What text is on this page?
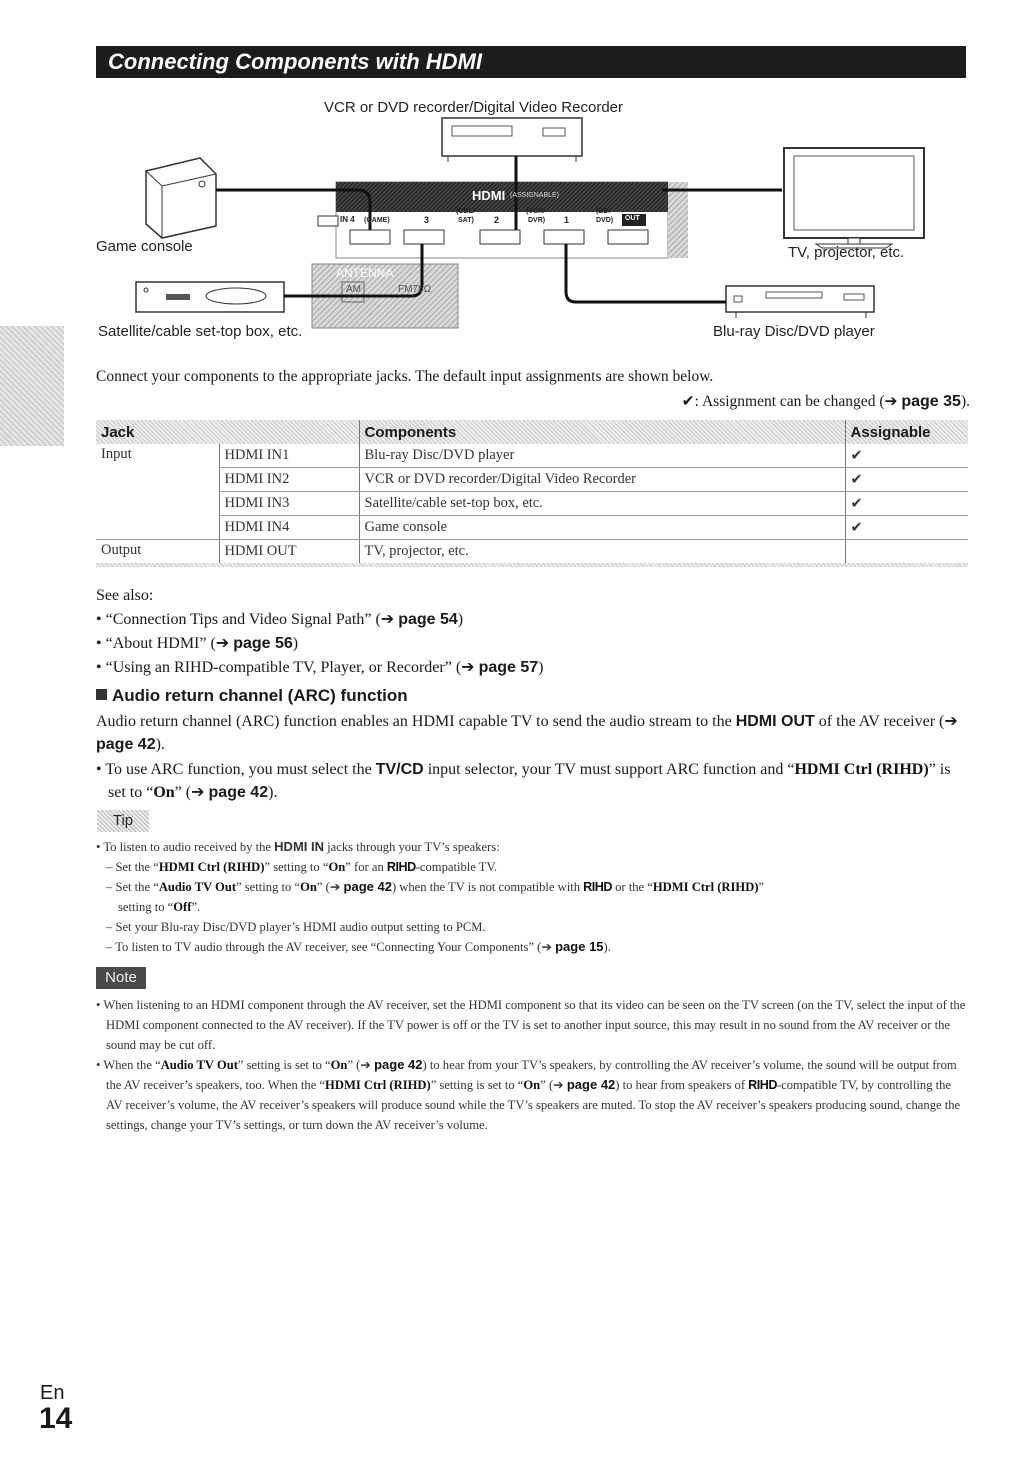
Connecting Components with HDMI
VCR or DVD recorder/Digital Video Recorder
Game console	TV, projector, etc.
Satellite/cable set-top box, etc.	Blu-ray Disc/DVD player
HDMI (ASSIGNABLE)
IN 4 (GAME)	3
(CBL/
SAT) 2
(VCR/
DVR) 1
(BD/
DVD) OUT
ANTENNA
AM	FM75Ω
Connect your components to the appropriate jacks. The default input assignments are shown below.
✔: Assignment can be changed (➔ page 35).
Jack		Components	Assignable
Input	HDMI IN1	Blu-ray Disc/DVD player	✔
	HDMI IN2	VCR or DVD recorder/Digital Video Recorder	✔
	HDMI IN3	Satellite/cable set-top box, etc.	✔
	HDMI IN4	Game console	✔
Output	HDMI OUT	TV, projector, etc.	

See also:
• “Connection Tips and Video Signal Path” (➔ page 54)
• “About HDMI” (➔ page 56)
• “Using an RIHD-compatible TV, Player, or Recorder” (➔ page 57)
Audio return channel (ARC) function
Audio return channel (ARC) function enables an HDMI capable TV to send the audio stream to the HDMI OUT of the AV receiver (➔ page 42).
• To use ARC function, you must select the TV/CD input selector, your TV must support ARC function and “HDMI Ctrl (RIHD)” is set to “On” (➔ page 42).
Tip
• To listen to audio received by the HDMI IN jacks through your TV’s speakers:
– Set the “HDMI Ctrl (RIHD)” setting to “On” for an RIHD-compatible TV.
– Set the “Audio TV Out” setting to “On” (➔ page 42) when the TV is not compatible with RIHD or the “HDMI Ctrl (RIHD)”
setting to “Off”.
– Set your Blu-ray Disc/DVD player’s HDMI audio output setting to PCM.
– To listen to TV audio through the AV receiver, see “Connecting Your Components” (➔ page 15).
Note
• When listening to an HDMI component through the AV receiver, set the HDMI component so that its video can be seen on the TV screen (on the TV, select the input of the HDMI component connected to the AV receiver). If the TV power is off or the TV is set to another input source, this may result in no sound from the AV receiver or the sound may be cut off.
• When the “Audio TV Out” setting is set to “On” (➔ page 42) to hear from your TV’s speakers, by controlling the AV receiver’s volume, the sound will be output from the AV receiver’s speakers, too. When the “HDMI Ctrl (RIHD)” setting is set to “On” (➔ page 42) to hear from speakers of RIHD-compatible TV, by controlling the AV receiver’s volume, the AV receiver’s speakers will produce sound while the TV’s speakers are muted. To stop the AV receiver’s speakers producing sound, change the settings, change your TV’s settings, or turn down the AV receiver’s volume.
En
14
